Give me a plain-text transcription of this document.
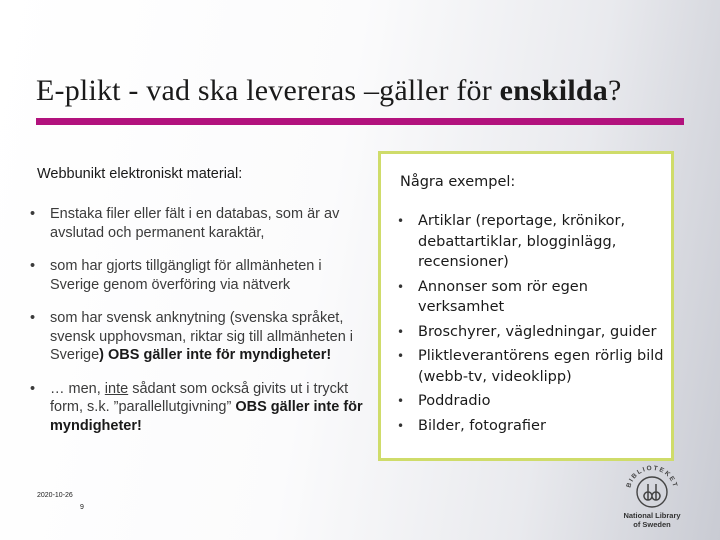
E-plikt - vad ska levereras –gäller för enskilda?
Webbunikt elektroniskt material:
• Enstaka filer eller fält i en databas, som är av avslutad och permanent karaktär,
• som har gjorts tillgängligt för allmänheten i Sverige genom överföring via nätverk
• som har svensk anknytning (svenska språket, svensk upphovsman, riktar sig till allmänheten i Sverige) OBS gäller inte för myndigheter!
• … men, inte sådant som också givits ut i tryckt form, s.k. ”parallellutgivning” OBS gäller inte för myndigheter!
Några exempel:
• Artiklar (reportage, krönikor, debattartiklar, blogginlägg, recensioner)
• Annonser som rör egen verksamhet
• Broschyrer, vägledningar, guider
• Pliktleverantörens egen rörlig bild (webb-tv, videoklipp)
• Poddradio
• Bilder, fotografier
2020-10-26
9
BIBLIOTEKET
National Library
of Sweden
